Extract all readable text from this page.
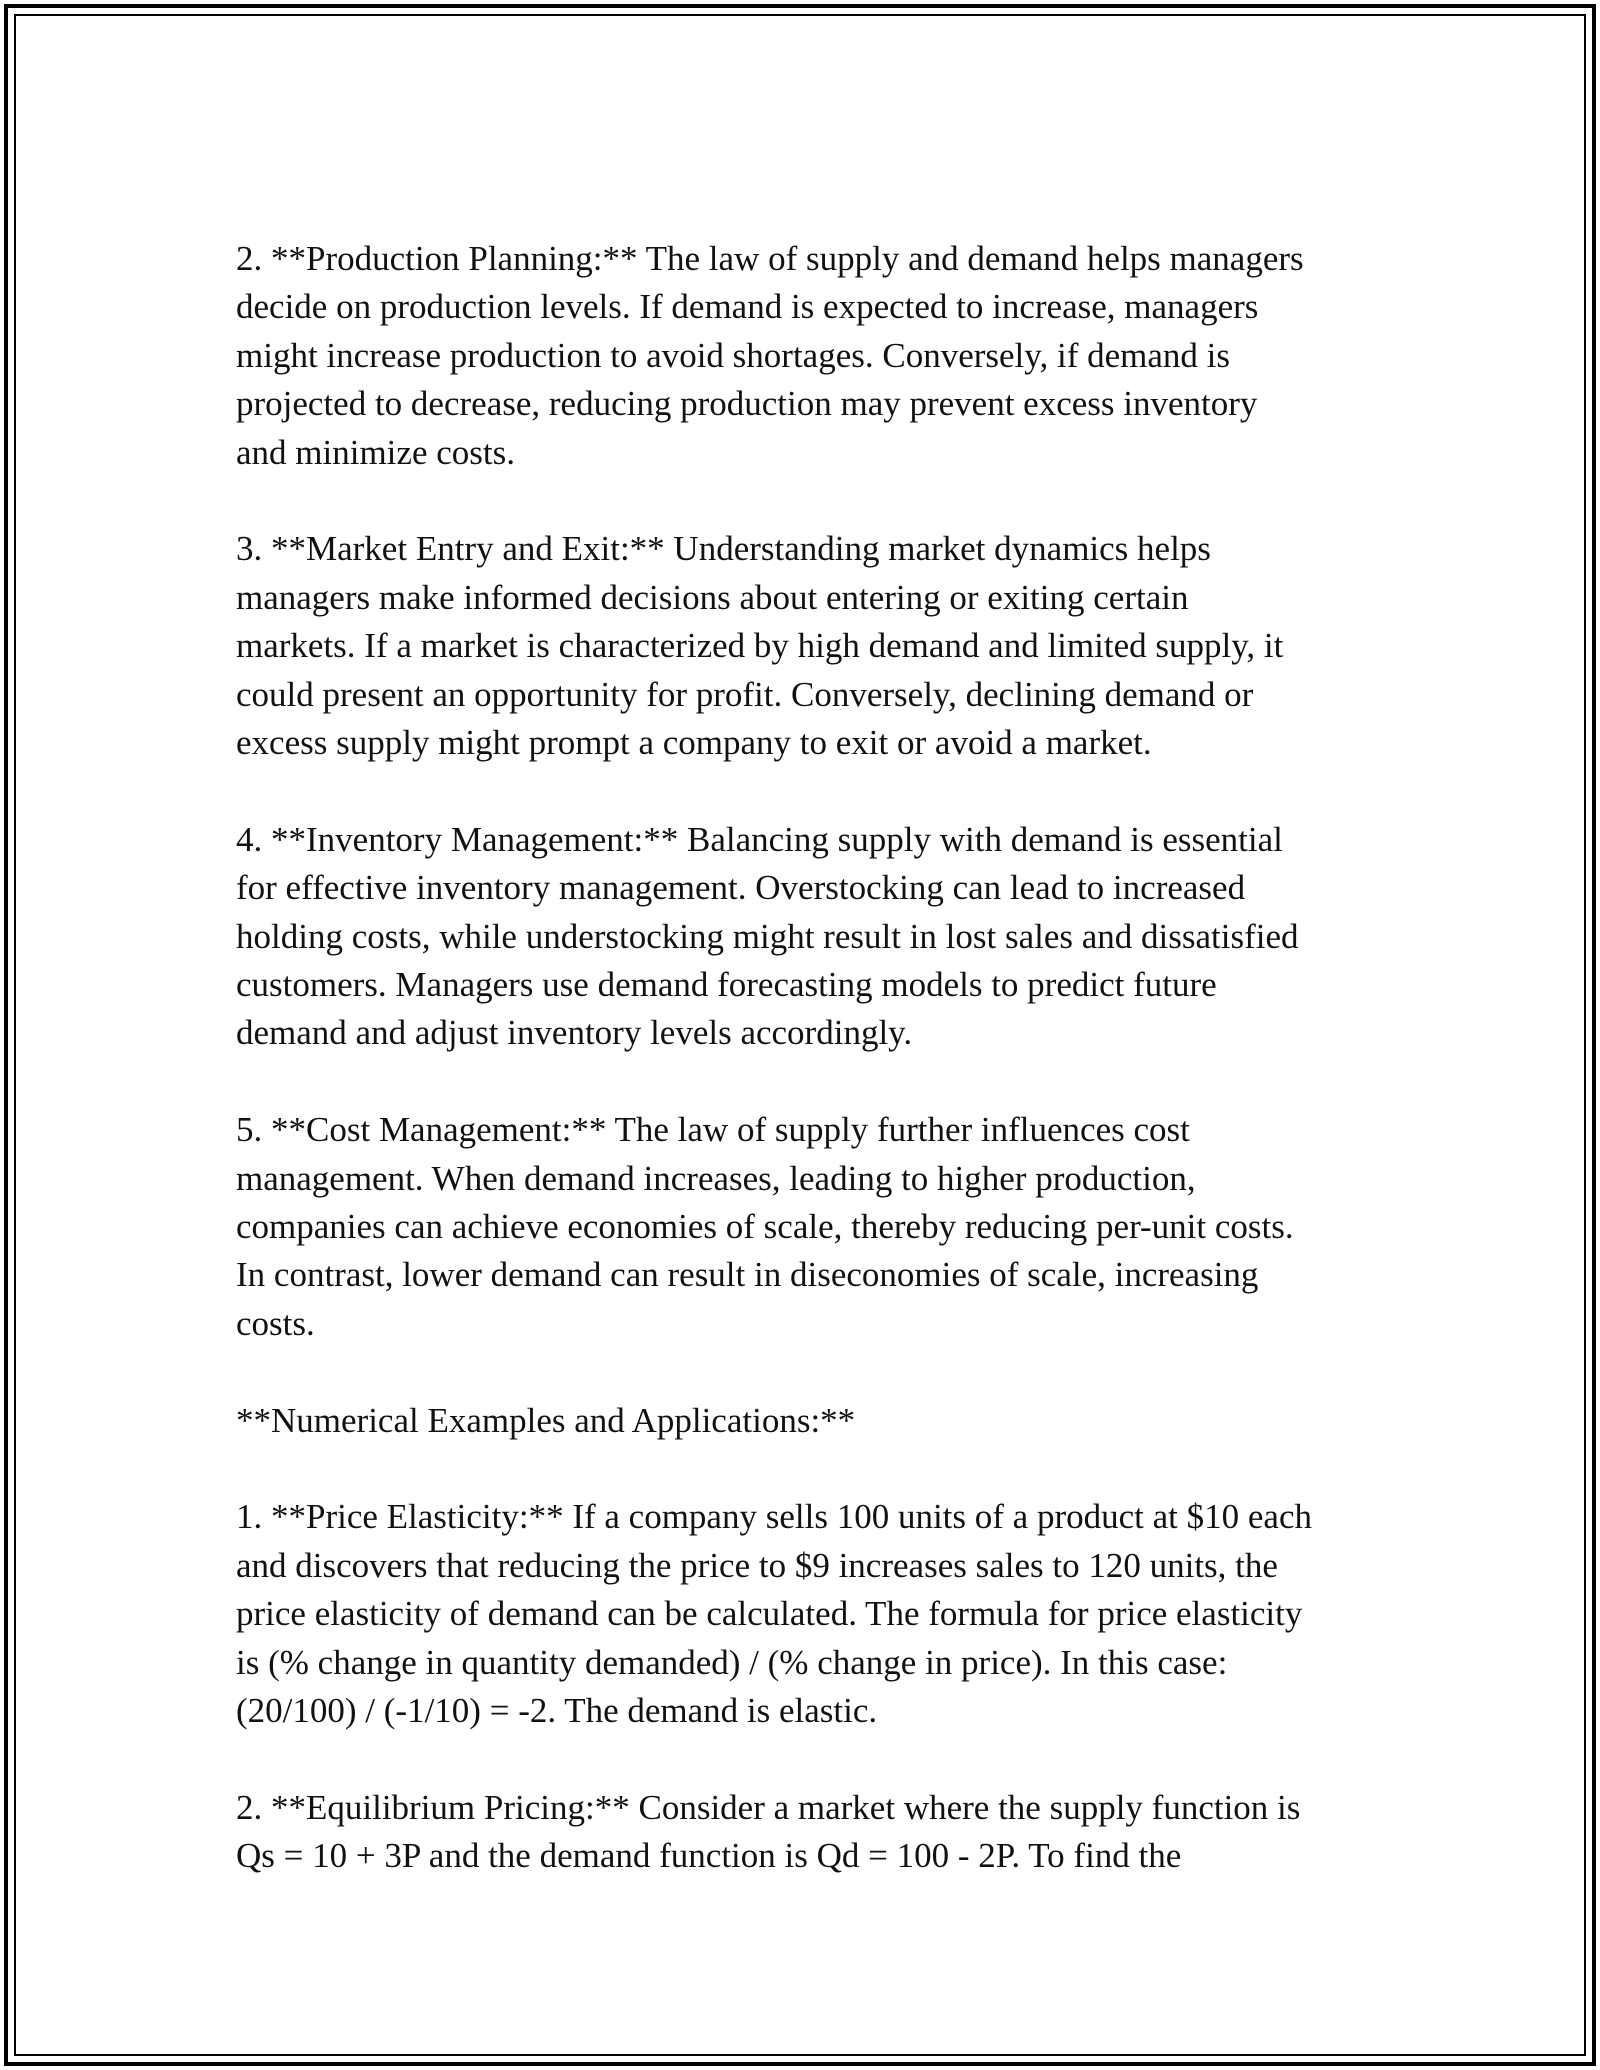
2. **Production Planning:** The law of supply and demand helps managers
decide on production levels. If demand is expected to increase, managers
might increase production to avoid shortages. Conversely, if demand is
projected to decrease, reducing production may prevent excess inventory
and minimize costs.

3. **Market Entry and Exit:** Understanding market dynamics helps
managers make informed decisions about entering or exiting certain
markets. If a market is characterized by high demand and limited supply, it
could present an opportunity for profit. Conversely, declining demand or
excess supply might prompt a company to exit or avoid a market.

4. **Inventory Management:** Balancing supply with demand is essential
for effective inventory management. Overstocking can lead to increased
holding costs, while understocking might result in lost sales and dissatisfied
customers. Managers use demand forecasting models to predict future
demand and adjust inventory levels accordingly.

5. **Cost Management:** The law of supply further influences cost
management. When demand increases, leading to higher production,
companies can achieve economies of scale, thereby reducing per-unit costs.
In contrast, lower demand can result in diseconomies of scale, increasing
costs.

**Numerical Examples and Applications:**

1. **Price Elasticity:** If a company sells 100 units of a product at $10 each
and discovers that reducing the price to $9 increases sales to 120 units, the
price elasticity of demand can be calculated. The formula for price elasticity
is (% change in quantity demanded) / (% change in price). In this case:
(20/100) / (-1/10) = -2. The demand is elastic.

2. **Equilibrium Pricing:** Consider a market where the supply function is
Qs = 10 + 3P and the demand function is Qd = 100 - 2P. To find the
